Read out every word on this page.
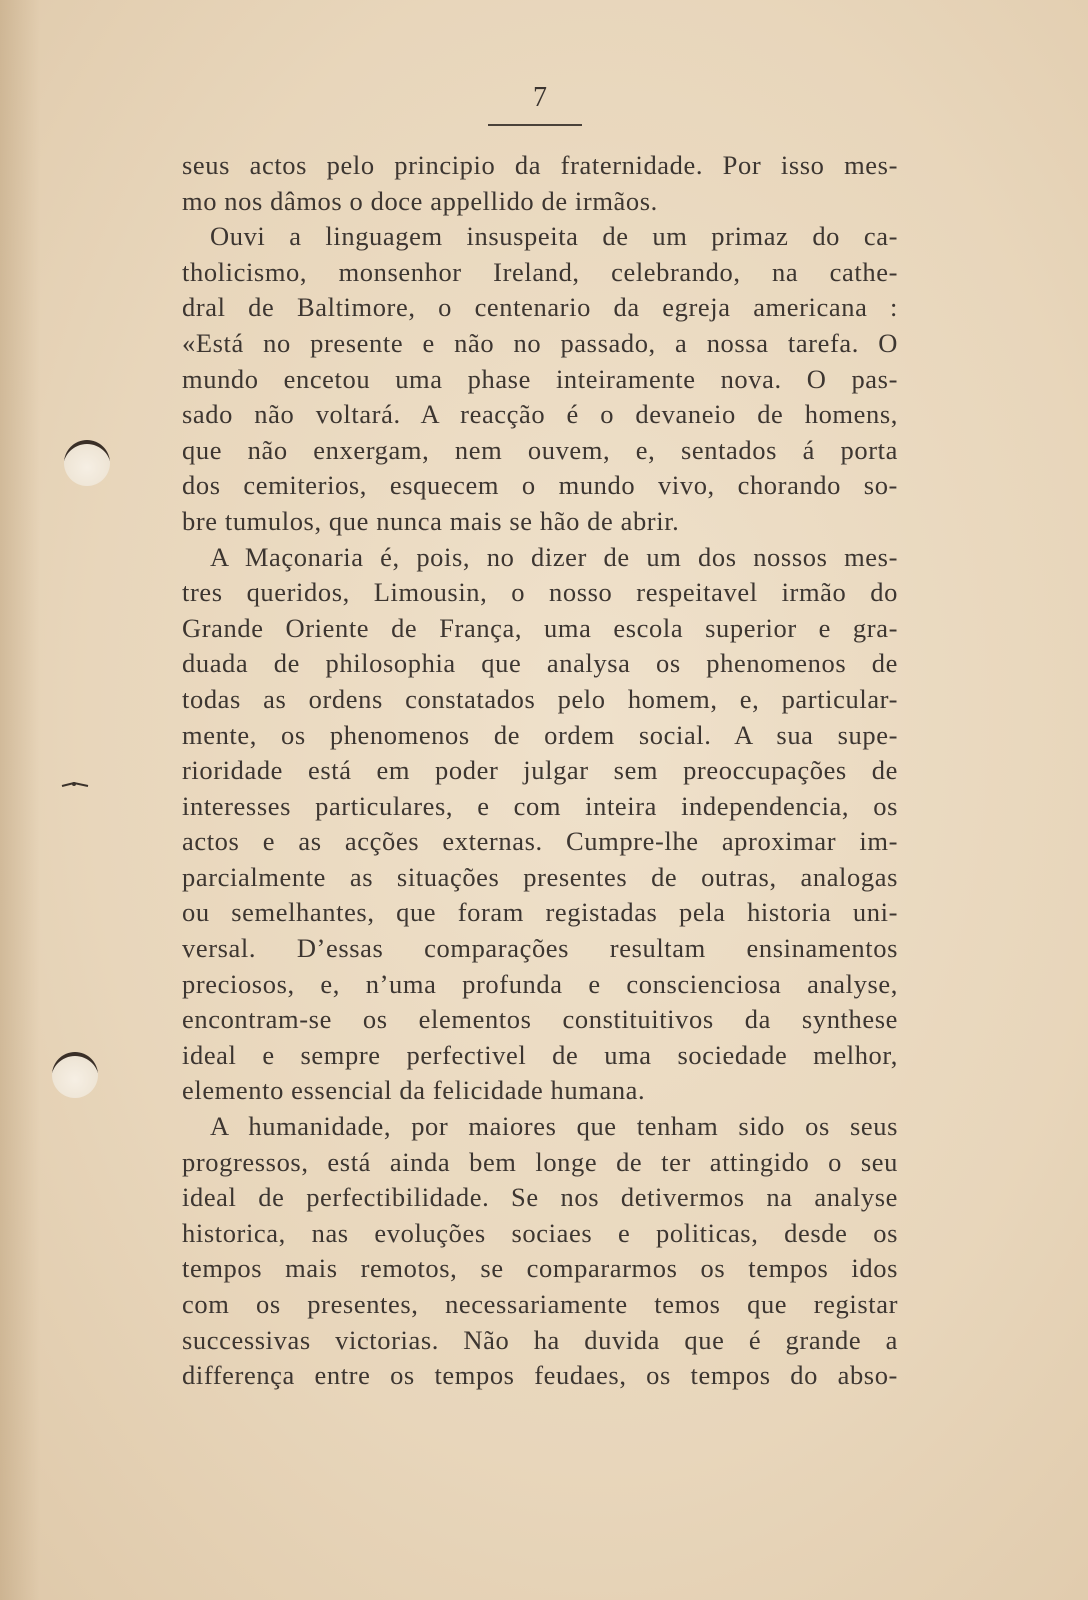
7
seus actos pelo principio da fraternidade. Por isso mes-
mo nos dâmos o doce appellido de irmãos.
Ouvi a linguagem insuspeita de um primaz do ca-
tholicismo, monsenhor Ireland, celebrando, na cathe-
dral de Baltimore, o centenario da egreja americana :
«Está no presente e não no passado, a nossa tarefa. O
mundo encetou uma phase inteiramente nova. O pas-
sado não voltará. A reacção é o devaneio de homens,
que não enxergam, nem ouvem, e, sentados á porta
dos cemiterios, esquecem o mundo vivo, chorando so-
bre tumulos, que nunca mais se hão de abrir.
A Maçonaria é, pois, no dizer de um dos nossos mes-
tres queridos, Limousin, o nosso respeitavel irmão do
Grande Oriente de França, uma escola superior e gra-
duada de philosophia que analysa os phenomenos de
todas as ordens constatados pelo homem, e, particular-
mente, os phenomenos de ordem social. A sua supe-
rioridade está em poder julgar sem preoccupações de
interesses particulares, e com inteira independencia, os
actos e as acções externas. Cumpre-lhe aproximar im-
parcialmente as situações presentes de outras, analogas
ou semelhantes, que foram registadas pela historia uni-
versal. D’essas comparações resultam ensinamentos
preciosos, e, n’uma profunda e conscienciosa analyse,
encontram-se os elementos constituitivos da synthese
ideal e sempre perfectivel de uma sociedade melhor,
elemento essencial da felicidade humana.
A humanidade, por maiores que tenham sido os seus
progressos, está ainda bem longe de ter attingido o seu
ideal de perfectibilidade. Se nos detivermos na analyse
historica, nas evoluções sociaes e politicas, desde os
tempos mais remotos, se compararmos os tempos idos
com os presentes, necessariamente temos que registar
successivas victorias. Não ha duvida que é grande a
differença entre os tempos feudaes, os tempos do abso-
